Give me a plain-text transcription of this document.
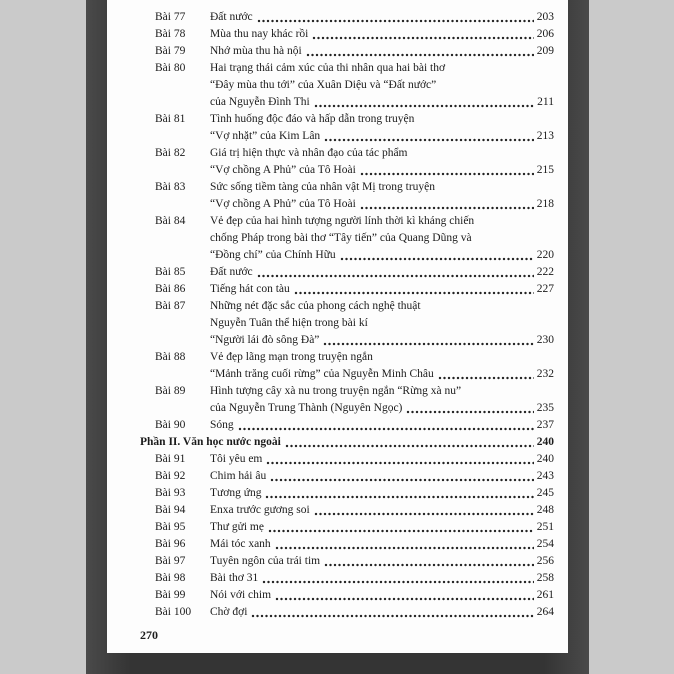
Bài 77	Đất nước	203
Bài 78	Mùa thu nay khác rồi	206
Bài 79	Nhớ mùa thu hà nội	209
Bài 80	Hai trạng thái cảm xúc của thi nhân qua hai bài thơ
“Đây mùa thu tới” của Xuân Diệu và “Đất nước”
của Nguyễn Đình Thi	211
Bài 81	Tình huống độc đáo và hấp dẫn trong truyện
“Vợ nhặt” của Kim Lân	213
Bài 82	Giá trị hiện thực và nhân đạo của tác phẩm
“Vợ chồng A Phủ” của Tô Hoài	215
Bài 83	Sức sống tiềm tàng của nhân vật Mị trong truyện
“Vợ chồng A Phủ” của Tô Hoài	218
Bài 84	Vẻ đẹp của hai hình tượng người lính thời kì kháng chiến
chống Pháp trong bài thơ “Tây tiến” của Quang Dũng và
“Đồng chí” của Chính Hữu	220
Bài 85	Đất nước	222
Bài 86	Tiếng hát con tàu	227
Bài 87	Những nét đặc sắc của phong cách nghệ thuật
Nguyễn Tuân thể hiện trong bài kí
“Người lái đò sông Đà”	230
Bài 88	Vẻ đẹp lãng mạn trong truyện ngắn
“Mảnh trăng cuối rừng” của Nguyễn Minh Châu	232
Bài 89	Hình tượng cây xà nu trong truyện ngắn “Rừng xà nu”
của Nguyễn Trung Thành (Nguyên Ngọc)	235
Bài 90	Sóng	237
Phần II. Văn học nước ngoài	240
Bài 91	Tôi yêu em	240
Bài 92	Chim hải âu	243
Bài 93	Tương ứng	245
Bài 94	Enxa trước gương soi	248
Bài 95	Thư gửi mẹ	251
Bài 96	Mái tóc xanh	254
Bài 97	Tuyên ngôn của trái tim	256
Bài 98	Bài thơ 31	258
Bài 99	Nói với chim	261
Bài 100	Chờ đợi	264
270
